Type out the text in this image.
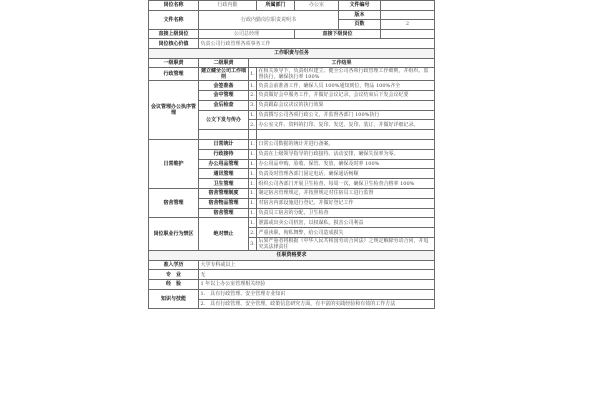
岗位名称	行政内勤		所属部门	办公室	文件编号	
文件名称	行政内勤岗位职责说明书				版本	
					页数	2
直接上级岗位	公司总经理			直接下级岗位		
岗位核心价值	负责公司行政管理各项事务工作					
工作职责与任务						
一级职责	二级职责	工作结果				
行政管理	建立健全公司工作细则	1.	在相关领导下，负责组织建立、健全公司各项行政管理工作细则，并组织、监督执行，确保执行率 100%			
会议管理办公执序管理	会签准备	1.	负责会前准备工作，确保人员 100%通知到位，物品 100%齐全			
	会中管理	2.	负责做好会中服务工作，并做好会议记录，会议结束后下发会议纪要			
	会后检查	3.	负责跟踪会议决议的执行效果			
	公文下发与传办	1.	负责撰写公司各项行政公文，并监督各部门 100%执行			
		2.	办公室文件、资料的打印、复印、发送、复印、装订，并做好详细记录。			

日常维护	日常统计	1.	日常公司数据的统计并进行备案。			
	行政接待	1.	负责在上级领导指导的行政接待、活动安排，确保失误率为零。			
	办公用品管理	1.	办公用品申购、验收、保管、发放，确保及时率 100%			
	通讯管理	1.	负责及时管理各部门固定电话，确保通话畅顺			
	卫生管理	1.	组织公司各部门开展卫生检查，每周一次，确保卫生检查合格率 100%			
宿舍管理	宿舍管理制度	1.	制定宿舍管理规定，并按照规定对住宿员工进行监督			
	宿舍物品管理	1.	对宿舍内部设施进行登记，并做好登记工作			
	宿舍管理	1.	负责员工宿舍的分配，卫生检查			
岗位职业行为禁区	绝对禁止	1.	泄露或出卖公司机密，以权谋私，损害公司利益			
		2.	严重渎职，徇私舞弊，给公司造成损失			
		3.	后果严重者将根据《中华人民共和国劳动合同法》之规定解除劳动合同，并追究其法律责任			
任职资格要求						
准入学历	大学专科或以上					
专　业	无					
经　验	1 年以上办公室管理相关经验					
知识与技能	1.　具有行政管理、安全管理专业知识					
	2.　具有行政管理、安全管理、政策信息研究方面，有丰富的实践经验和有效的工作方法					
